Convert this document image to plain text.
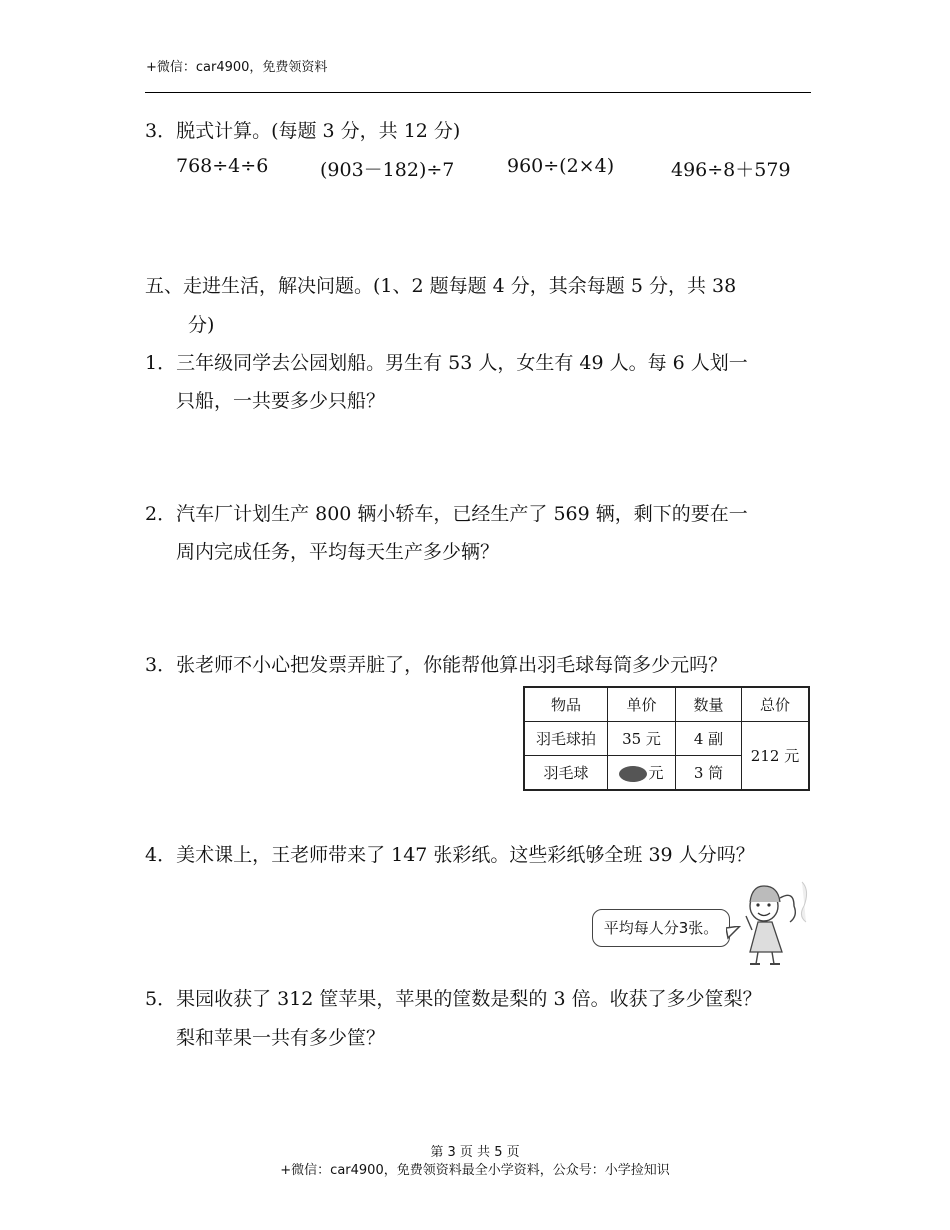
+微信：car4900，免费领资料
3．脱式计算。(每题 3 分，共 12 分)
768÷4÷6	(903－182)÷7	960÷(2×4)	496÷8＋579
五、走进生活，解决问题。(1、2 题每题 4 分，其余每题 5 分，共 38
分)
1．三年级同学去公园划船。男生有 53 人，女生有 49 人。每 6 人划一
只船，一共要多少只船？
2．汽车厂计划生产 800 辆小轿车，已经生产了 569 辆，剩下的要在一
周内完成任务，平均每天生产多少辆？
3．张老师不小心把发票弄脏了，你能帮他算出羽毛球每筒多少元吗？
物品	单价	数量	总价
羽毛球拍	35 元	4 副	212 元
羽毛球	元	3 筒	
4．美术课上，王老师带来了 147 张彩纸。这些彩纸够全班 39 人分吗？
平均每人分3张。
5．果园收获了 312 筐苹果，苹果的筐数是梨的 3 倍。收获了多少筐梨？
梨和苹果一共有多少筐？
第 3 页 共 5 页
+微信：car4900，免费领资料最全小学资料，公众号：小学捡知识
